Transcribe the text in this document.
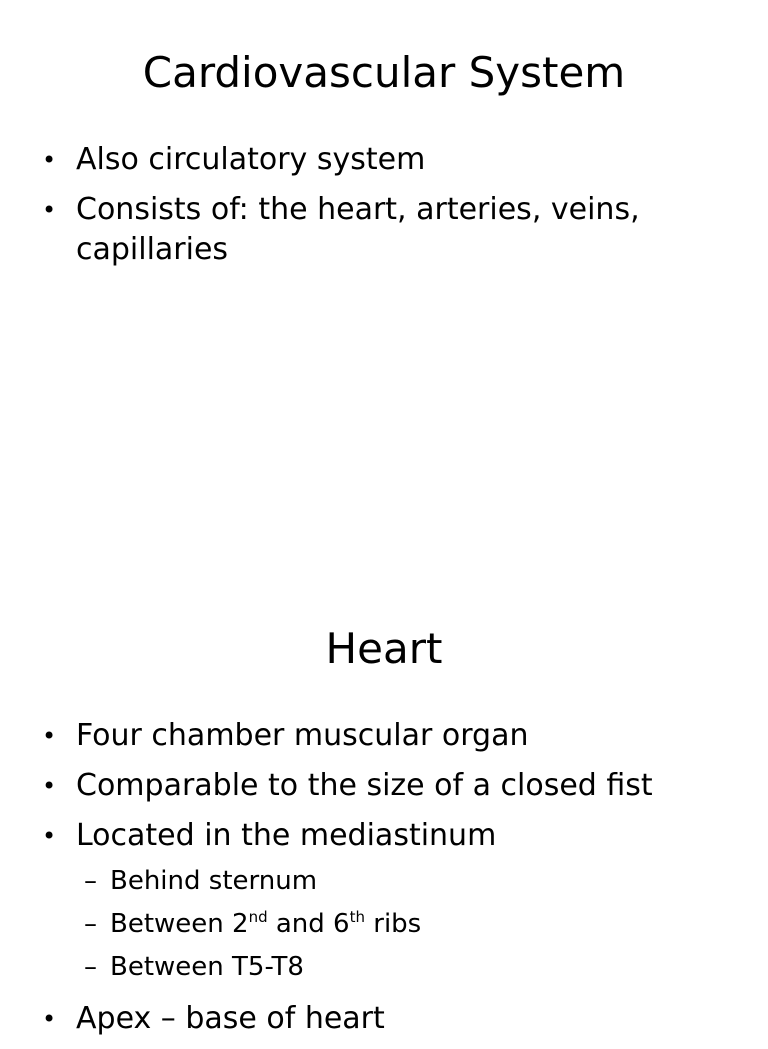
Cardiovascular System
• Also circulatory system
• Consists of: the heart, arteries, veins, capillaries
Heart
• Four chamber muscular organ
• Comparable to the size of a closed fist
• Located in the mediastinum
– Behind sternum
– Between 2nd and 6th ribs
– Between T5-T8
• Apex – base of heart
